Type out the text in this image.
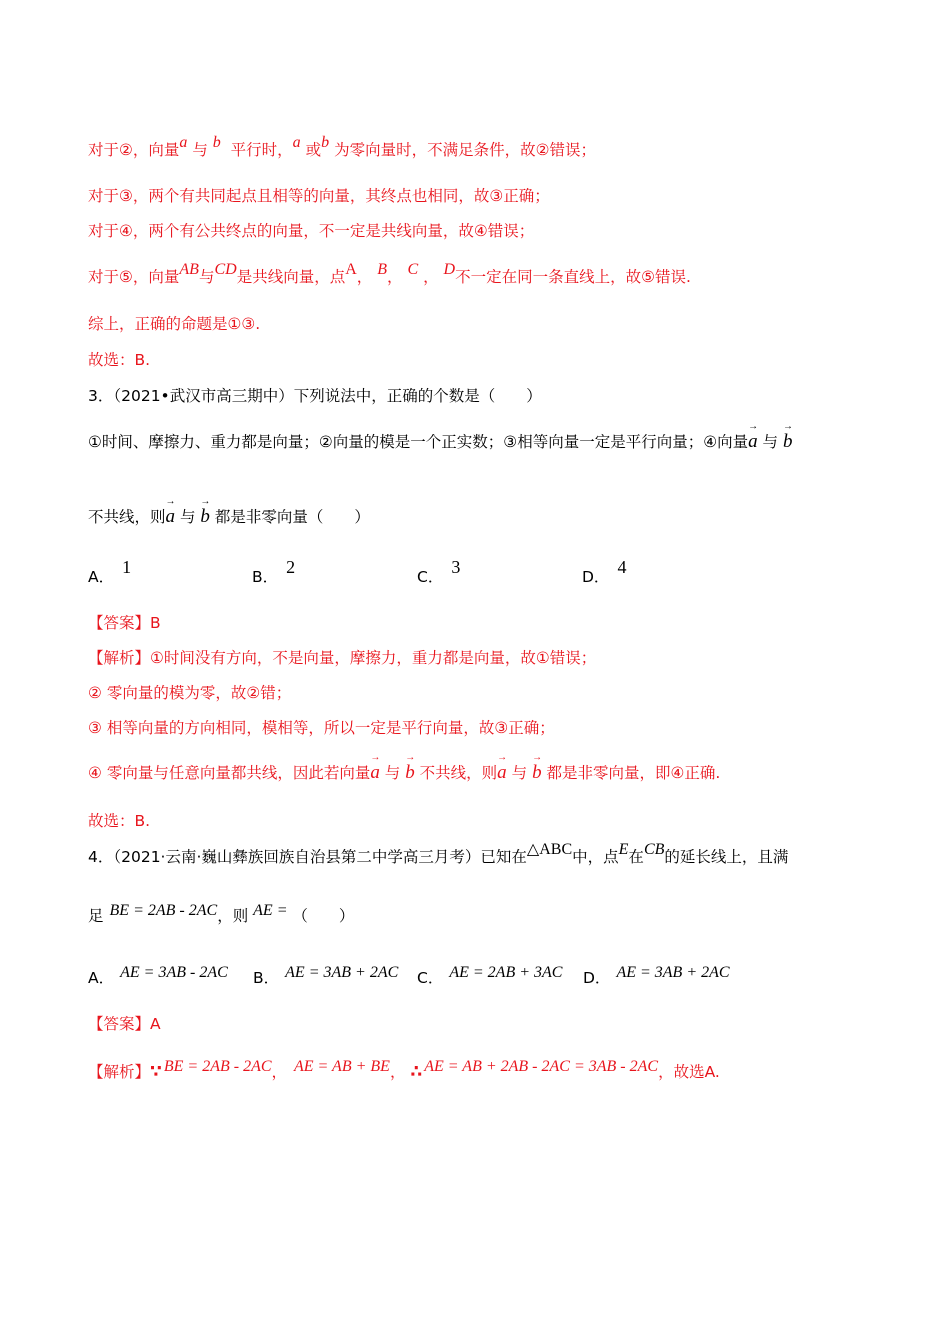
对于②，向量a 与 b 平行时，a 或b 为零向量时，不满足条件，故②错误；
对于③，两个有共同起点且相等的向量，其终点也相同，故③正确；
对于④，两个有公共终点的向量，不一定是共线向量，故④错误；
对于⑤，向量AB与CD是共线向量，点A， B， C ， D不一定在同一条直线上，故⑤错误.
综上，正确的命题是①③.
故选：B.
3．（2021•武汉市高三期中）下列说法中，正确的个数是（　　）
①时间、摩擦力、重力都是向量；②向量的模是一个正实数；③相等向量一定是平行向量；④向量→ a 与 → b
不共线，则→ a 与 → b 都是非零向量（　　）
A． 1	B． 2	C． 3	D． 4
【答案】B
【解析】①时间没有方向，不是向量，摩擦力，重力都是向量，故①错误；
② 零向量的模为零，故②错；
③ 相等向量的方向相同，模相等，所以一定是平行向量，故③正确；
④ 零向量与任意向量都共线，因此若向量→ a 与 → b 不共线，则→ a 与 → b 都是非零向量，即④正确.
故选：B.
4．（2021·云南·巍山彝族回族自治县第二中学高三月考）已知在△ABC中，点E在CB的延长线上，且满
足 BE = 2AB - 2AC，则 AE = （　　）
A． AE = 3AB - 2AC B． AE = 3AB + 2AC C． AE = 2AB + 3AC D． AE = 3AB + 2AC
【答案】A
【解析】∵ BE = 2AB - 2AC， AE = AB + BE， ∴ AE = AB + 2AB - 2AC = 3AB - 2AC，故选A.
